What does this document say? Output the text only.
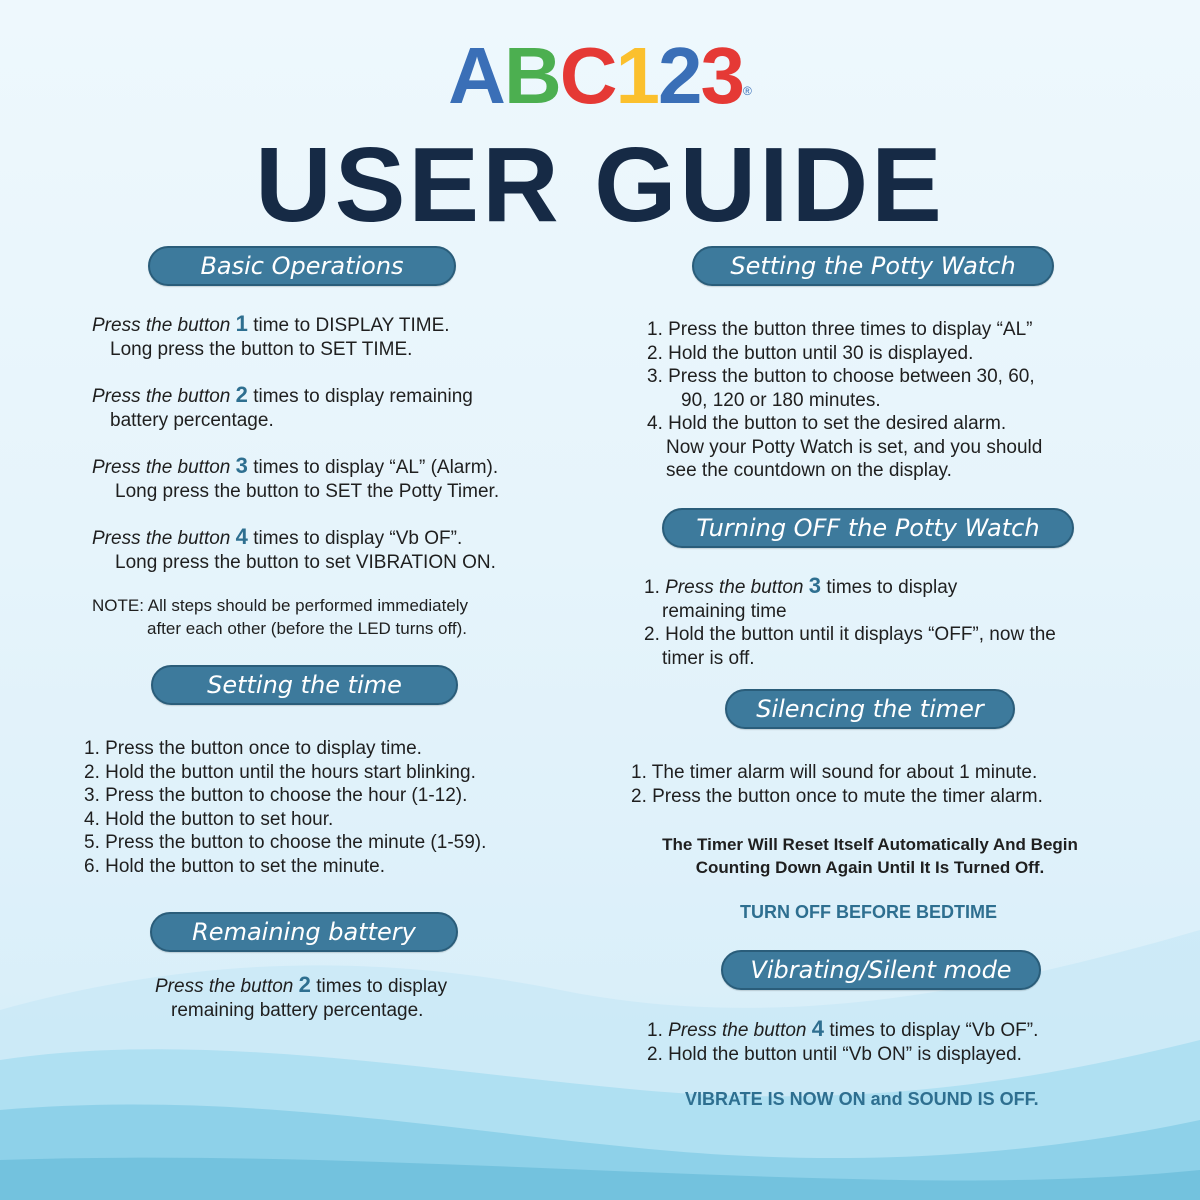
ABC123®
USER GUIDE
Basic Operations
Press the button 1 time to DISPLAY TIME.
Long press the button to SET TIME.
Press the button 2 times to display remaining
battery percentage.
Press the button 3 times to display “AL” (Alarm).
Long press the button to SET the Potty Timer.
Press the button 4 times to display “Vb OF”.
Long press the button to set VIBRATION ON.
NOTE: All steps should be performed immediately
after each other (before the LED turns off).
Setting the time
1. Press the button once to display time.
2. Hold the button until the hours start blinking.
3. Press the button to choose the hour (1-12).
4. Hold the button to set hour.
5. Press the button to choose the minute (1-59).
6. Hold the button to set the minute.
Remaining battery
Press the button 2 times to display
remaining battery percentage.
Setting the Potty Watch
1. Press the button three times to display “AL”
2. Hold the button until 30 is displayed.
3. Press the button to choose between 30, 60,
90, 120 or 180 minutes.
4. Hold the button to set the desired alarm.
Now your Potty Watch is set, and you should
see the countdown on the display.
Turning OFF the Potty Watch
1. Press the button 3 times to display
remaining time
2. Hold the button until it displays “OFF”, now the
timer is off.
Silencing the timer
1. The timer alarm will sound for about 1 minute.
2. Press the button once to mute the timer alarm.
The Timer Will Reset Itself Automatically And Begin
Counting Down Again Until It Is Turned Off.
TURN OFF BEFORE BEDTIME
Vibrating/Silent mode
1. Press the button 4 times to display “Vb OF”.
2. Hold the button until “Vb ON” is displayed.
VIBRATE IS NOW ON and SOUND IS OFF.
